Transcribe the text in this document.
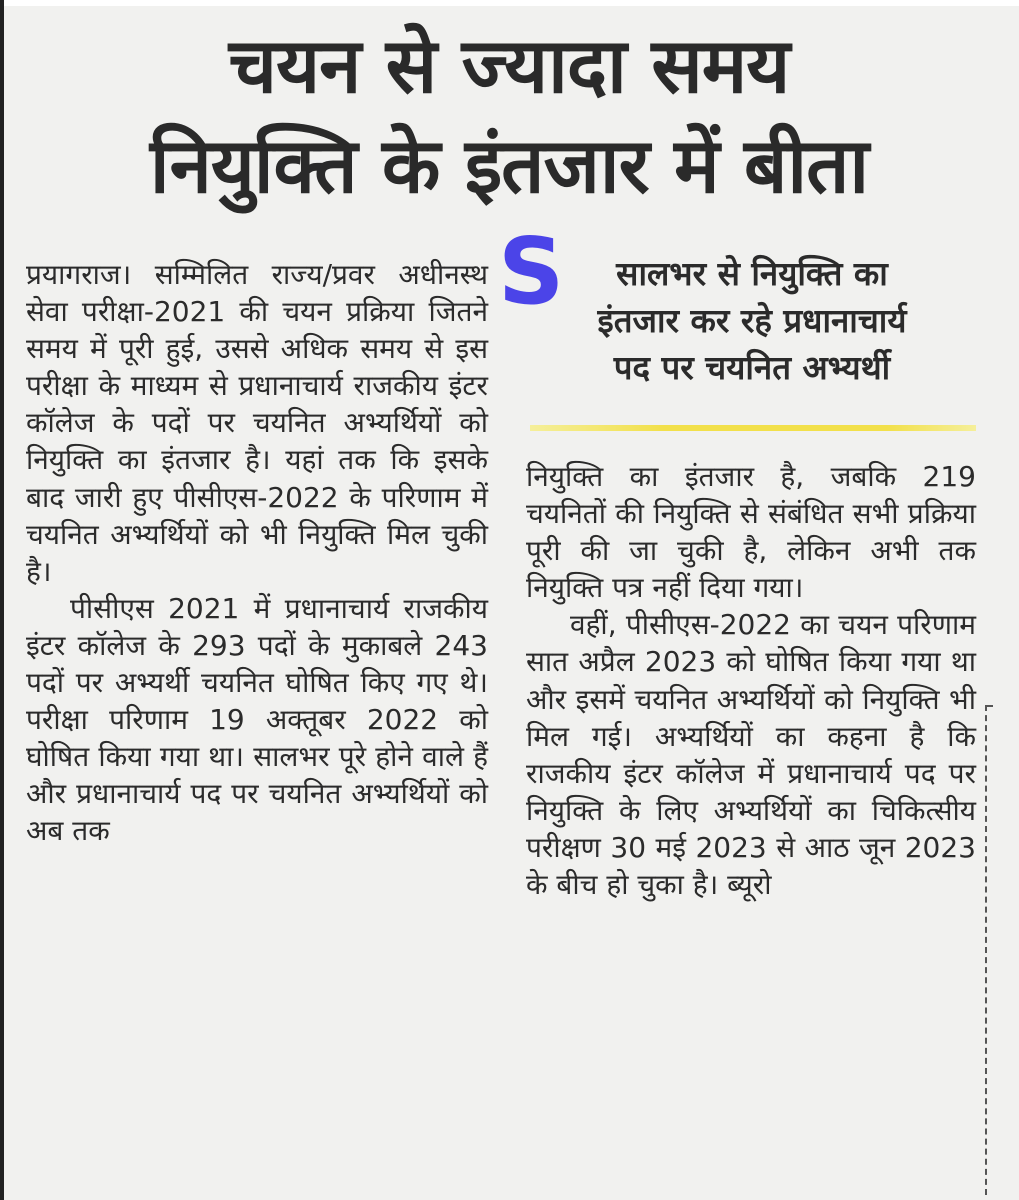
चयन से ज्यादा समय
नियुक्ति के इंतजार में बीता

प्रयागराज। सम्मिलित राज्य/प्रवर अधीनस्थ सेवा परीक्षा-2021 की चयन प्रक्रिया जितने समय में पूरी हुई, उससे अधिक समय से इस परीक्षा के माध्यम से प्रधानाचार्य राजकीय इंटर कॉलेज के पदों पर चयनित अभ्यर्थियों को नियुक्ति का इंतजार है। यहां तक कि इसके बाद जारी हुए पीसीएस-2022 के परिणाम में चयनित अभ्यर्थियों को भी नियुक्ति मिल चुकी है।

पीसीएस 2021 में प्रधानाचार्य राजकीय इंटर कॉलेज के 293 पदों के मुकाबले 243 पदों पर अभ्यर्थी चयनित घोषित किए गए थे। परीक्षा परिणाम 19 अक्तूबर 2022 को घोषित किया गया था। सालभर पूरे होने वाले हैं और प्रधानाचार्य पद पर चयनित अभ्यर्थियों को अब तक

S	सालभर से नियुक्ति का
इंतजार कर रहे प्रधानाचार्य
पद पर चयनित अभ्यर्थी

नियुक्ति का इंतजार है, जबकि 219 चयनितों की नियुक्ति से संबंधित सभी प्रक्रिया पूरी की जा चुकी है, लेकिन अभी तक नियुक्ति पत्र नहीं दिया गया।

वहीं, पीसीएस-2022 का चयन परिणाम सात अप्रैल 2023 को घोषित किया गया था और इसमें चयनित अभ्यर्थियों को नियुक्ति भी मिल गई। अभ्यर्थियों का कहना है कि राजकीय इंटर कॉलेज में प्रधानाचार्य पद पर नियुक्ति के लिए अभ्यर्थियों का चिकित्सीय परीक्षण 30 मई 2023 से आठ जून 2023 के बीच हो चुका है। ब्यूरो
